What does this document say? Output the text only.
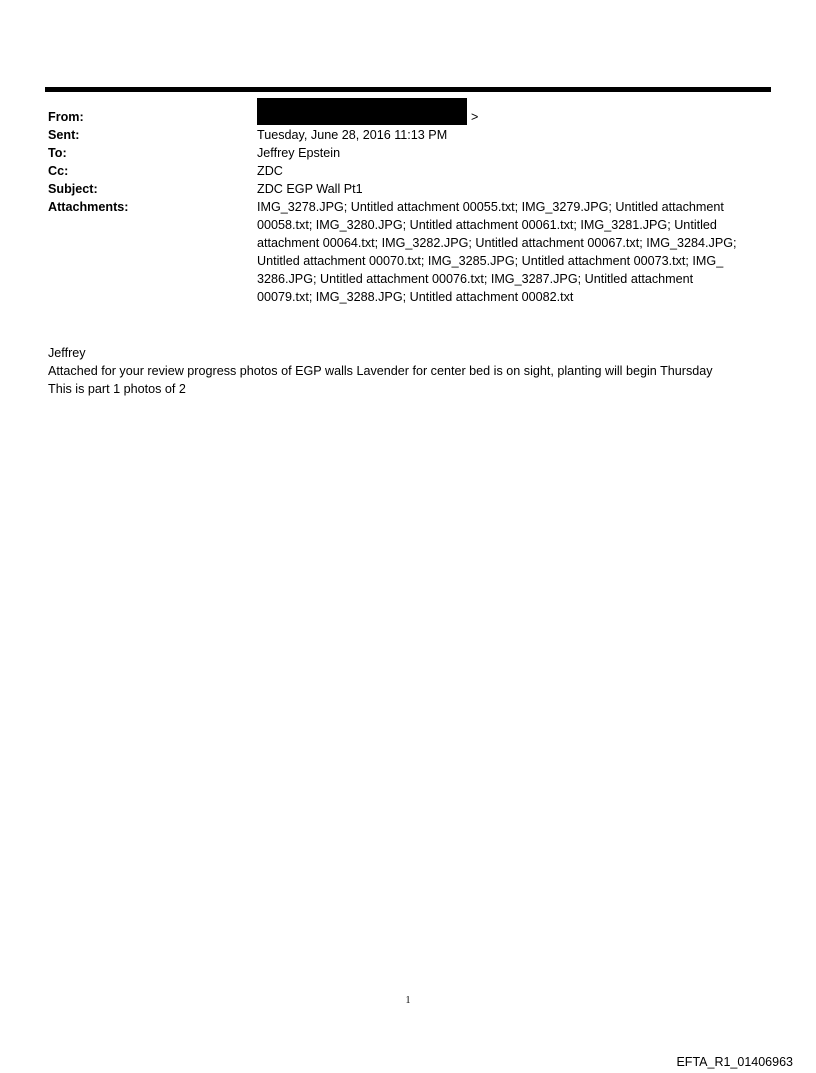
From:	>
Sent:	Tuesday, June 28, 2016 11:13 PM
To:	Jeffrey Epstein
Cc:	ZDC
Subject:	ZDC EGP Wall Pt1
Attachments:	IMG_3278.JPG; Untitled attachment 00055.txt; IMG_3279.JPG; Untitled attachment
00058.txt; IMG_3280.JPG; Untitled attachment 00061.txt; IMG_3281.JPG; Untitled
attachment 00064.txt; IMG_3282.JPG; Untitled attachment 00067.txt; IMG_3284.JPG;
Untitled attachment 00070.txt; IMG_3285.JPG; Untitled attachment 00073.txt; IMG_
3286.JPG; Untitled attachment 00076.txt; IMG_3287.JPG; Untitled attachment
00079.txt; IMG_3288.JPG; Untitled attachment 00082.txt
Jeffrey
Attached for your review progress photos of EGP walls Lavender for center bed is on sight, planting will begin Thursday
This is part 1 photos of 2
1
EFTA_R1_01406963
